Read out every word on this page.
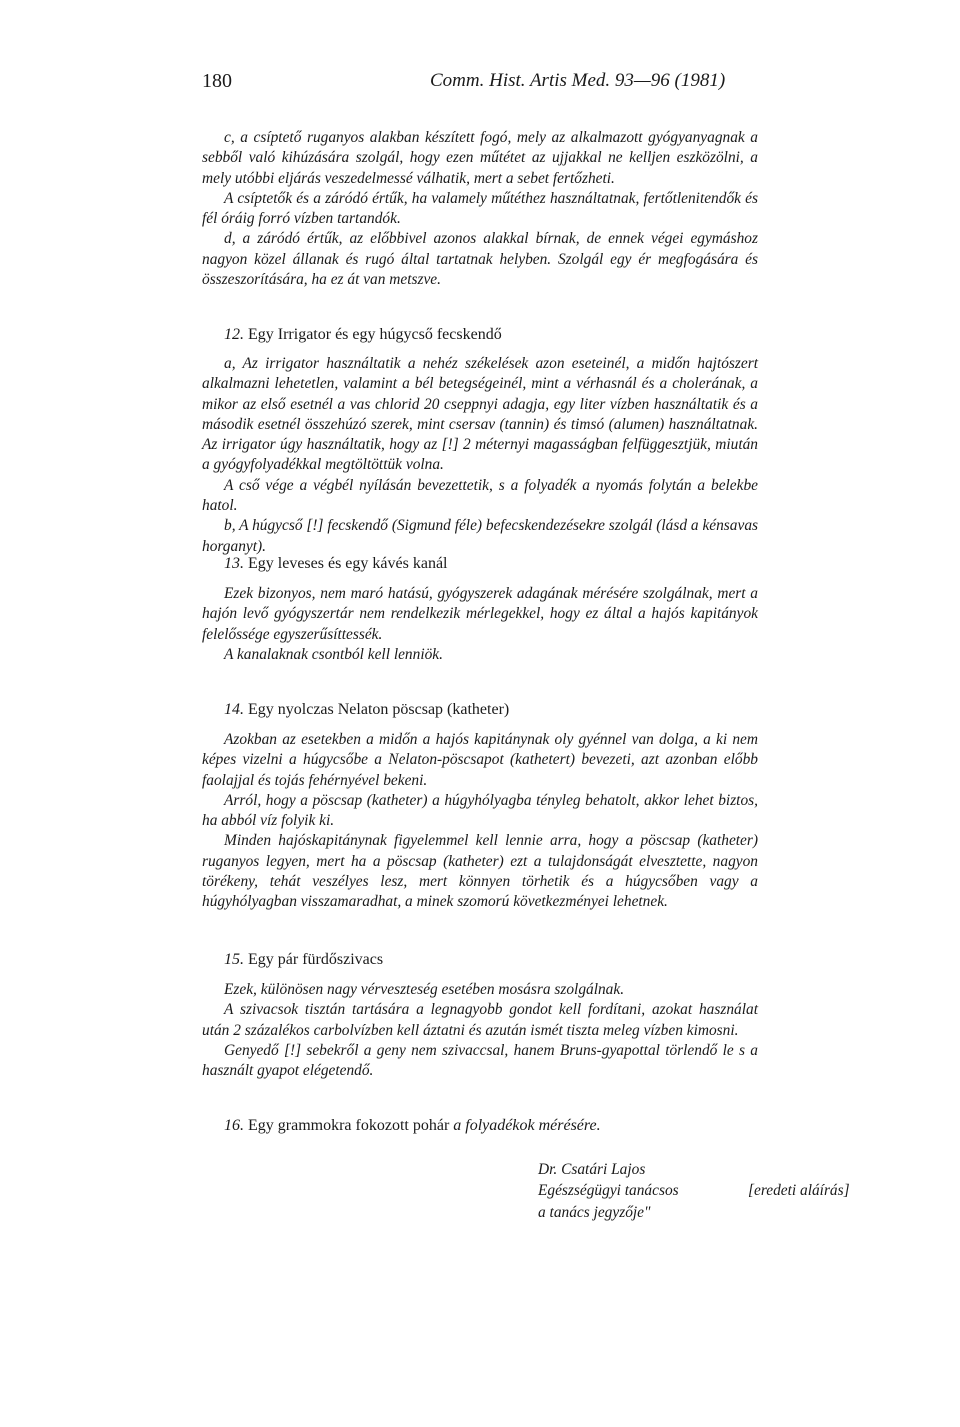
180	Comm. Hist. Artis Med. 93—96 (1981)

c, a csíptető ruganyos alakban készített fogó, mely az alkalmazott gyógyanyagnak a sebből való kihúzására szolgál, hogy ezen műtétet az ujjakkal ne kelljen eszközölni, a mely utóbbi eljárás veszedelmessé válhatik, mert a sebet fertőzheti.

A csíptetők és a záródó értűk, ha valamely műtéthez használtatnak, fertőtlenitendők és fél óráig forró vízben tartandók.

d, a záródó értűk, az előbbivel azonos alakkal bírnak, de ennek végei egymáshoz nagyon közel állanak és rugó által tartatnak helyben. Szolgál egy ér megfogására és összeszorítására, ha ez át van metszve.

12. Egy Irrigator és egy húgycső fecskendő

a, Az irrigator használtatik a nehéz székelések azon eseteinél, a midőn hajtószert alkalmazni lehetetlen, valamint a bél betegségeinél, mint a vérhasnál és a cholerának, a mikor az első esetnél a vas chlorid 20 cseppnyi adagja, egy liter vízben használtatik és a második esetnél összehúzó szerek, mint csersav (tannin) és timsó (alumen) használtatnak. Az irrigator úgy használtatik, hogy az [!] 2 méternyi magasságban felfüggesztjük, miután a gyógyfolyadékkal megtöltöttük volna.

A cső vége a végbél nyílásán bevezettetik, s a folyadék a nyomás folytán a belekbe hatol.

b, A húgycső [!] fecskendő (Sigmund féle) befecskendezésekre szolgál (lásd a kénsavas horganyt).

13. Egy leveses és egy kávés kanál

Ezek bizonyos, nem maró hatású, gyógyszerek adagának mérésére szolgálnak, mert a hajón levő gyógyszertár nem rendelkezik mérlegekkel, hogy ez által a hajós kapitányok felelőssége egyszerűsíttessék.

A kanalaknak csontból kell lenniök.

14. Egy nyolczas Nelaton pöscsap (katheter)

Azokban az esetekben a midőn a hajós kapitánynak oly gyénnel van dolga, a ki nem képes vizelni a húgycsőbe a Nelaton-pöscsapot (kathetert) bevezeti, azt azonban előbb faolajjal és tojás fehérnyével bekeni.

Arról, hogy a pöscsap (katheter) a húgyhólyagba tényleg behatolt, akkor lehet biztos, ha abból víz folyik ki.

Minden hajóskapitánynak figyelemmel kell lennie arra, hogy a pöscsap (katheter) ruganyos legyen, mert ha a pöscsap (katheter) ezt a tulajdonságát elvesztette, nagyon törékeny, tehát veszélyes lesz, mert könnyen törhetik és a húgycsőben vagy a húgyhólyagban visszamaradhat, a minek szomorú következményei lehetnek.

15. Egy pár fürdőszivacs

Ezek, különösen nagy vérveszteség esetében mosásra szolgálnak.

A szivacsok tisztán tartására a legnagyobb gondot kell fordítani, azokat használat után 2 százalékos carbolvízben kell áztatni és azután ismét tiszta meleg vízben kimosni.

Genyedő [!] sebekről a geny nem szivaccsal, hanem Bruns-gyapottal törlendő le s a használt gyapot elégetendő.

16. Egy grammokra fokozott pohár a folyadékok mérésére.
Dr. Csatári Lajos
Egészségügyi tanácsos
a tanács jegyzője"
[eredeti aláírás]
